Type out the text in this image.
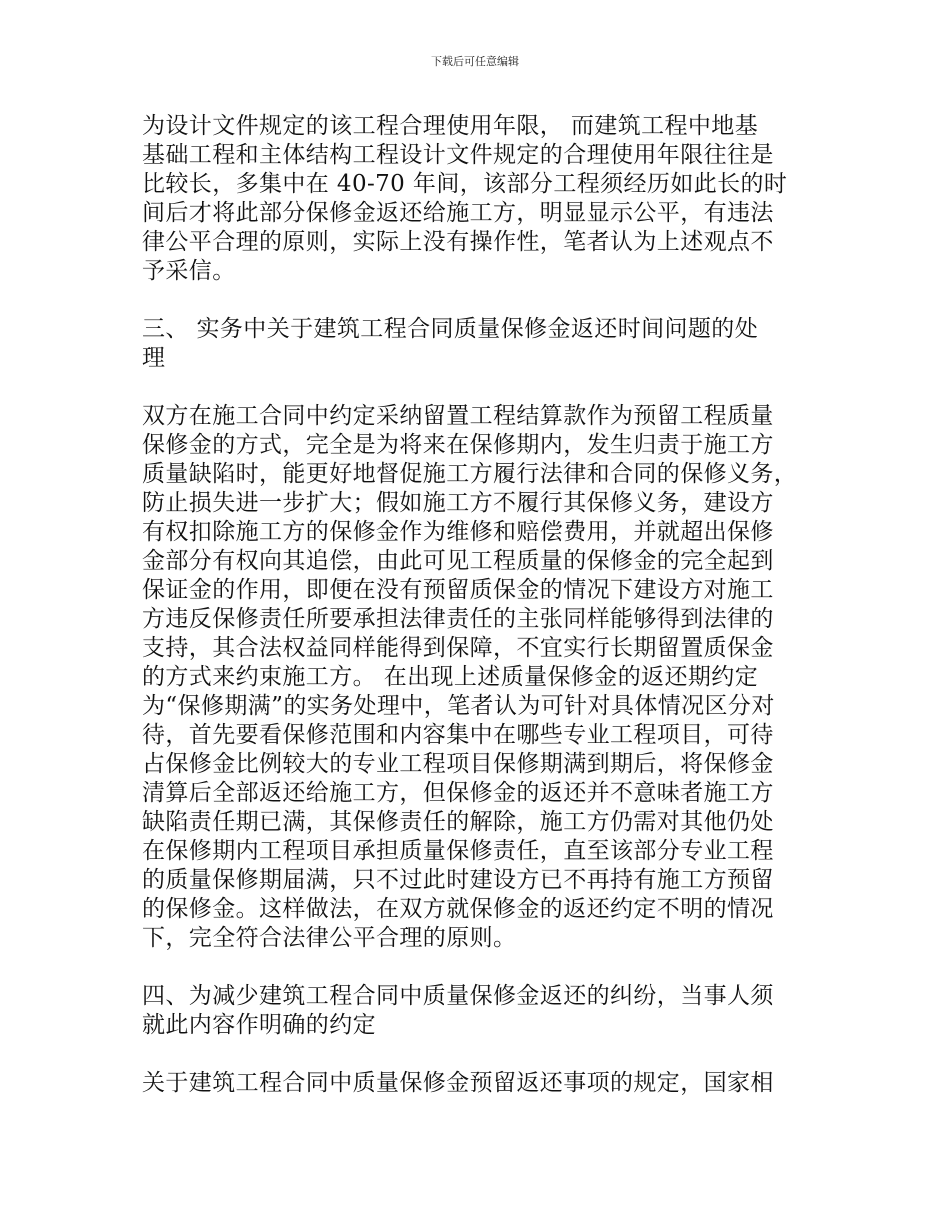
下载后可任意编辑
为设计文件规定的该工程合理使用年限， 而建筑工程中地基
基础工程和主体结构工程设计文件规定的合理使用年限往往是
比较长，多集中在 40-70 年间，该部分工程须经历如此长的时
间后才将此部分保修金返还给施工方，明显显示公平，有违法
律公平合理的原则，实际上没有操作性，笔者认为上述观点不
予采信。
三、 实务中关于建筑工程合同质量保修金返还时间问题的处
理
双方在施工合同中约定采纳留置工程结算款作为预留工程质量
保修金的方式，完全是为将来在保修期内，发生归责于施工方
质量缺陷时，能更好地督促施工方履行法律和合同的保修义务，
防止损失进一步扩大；假如施工方不履行其保修义务，建设方
有权扣除施工方的保修金作为维修和赔偿费用，并就超出保修
金部分有权向其追偿，由此可见工程质量的保修金的完全起到
保证金的作用，即便在没有预留质保金的情况下建设方对施工
方违反保修责任所要承担法律责任的主张同样能够得到法律的
支持，其合法权益同样能得到保障，不宜实行长期留置质保金
的方式来约束施工方。 在出现上述质量保修金的返还期约定
为“保修期满”的实务处理中，笔者认为可针对具体情况区分对
待，首先要看保修范围和内容集中在哪些专业工程项目，可待
占保修金比例较大的专业工程项目保修期满到期后，将保修金
清算后全部返还给施工方，但保修金的返还并不意味者施工方
缺陷责任期已满，其保修责任的解除，施工方仍需对其他仍处
在保修期内工程项目承担质量保修责任，直至该部分专业工程
的质量保修期届满，只不过此时建设方已不再持有施工方预留
的保修金。这样做法，在双方就保修金的返还约定不明的情况
下，完全符合法律公平合理的原则。
四、为减少建筑工程合同中质量保修金返还的纠纷，当事人须
就此内容作明确的约定
关于建筑工程合同中质量保修金预留返还事项的规定，国家相
